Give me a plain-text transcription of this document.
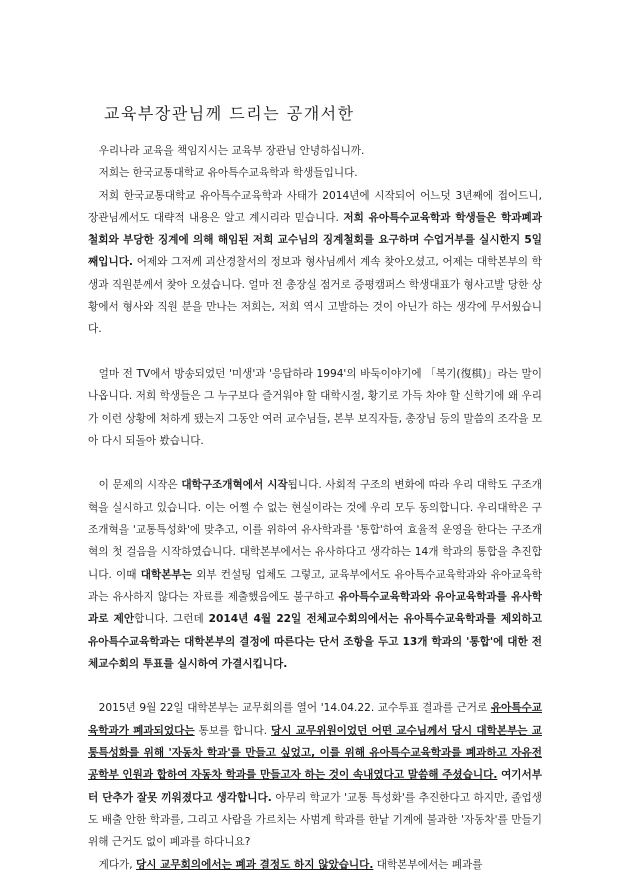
교육부장관님께 드리는 공개서한

우리나라 교육을 책임지시는 교육부 장관님 안녕하십니까.

저희는 한국교통대학교 유아특수교육학과 학생들입니다.

저희 한국교통대학교 유아특수교육학과 사태가 2014년에 시작되어 어느덧 3년째에 접어드니, 장관님께서도 대략적 내용은 알고 계시리라 믿습니다. 저희 유아특수교육학과 학생들은 학과폐과 철회와 부당한 징계에 의해 해임된 저희 교수님의 징계철회를 요구하며 수업거부를 실시한지 5일째입니다. 어제와 그저께 괴산경찰서의 정보과 형사님께서 계속 찾아오셨고, 어제는 대학본부의 학생과 직원분께서 찾아 오셨습니다. 얼마 전 총장실 점거로 증평캠퍼스 학생대표가 형사고발 당한 상황에서 형사와 직원 분을 만나는 저희는, 저희 역시 고발하는 것이 아닌가 하는 생각에 무서웠습니다.

얼마 전 TV에서 방송되었던 '미생'과 '응답하라 1994'의 바둑이야기에 「복기(復棋)」라는 말이 나옵니다. 저희 학생들은 그 누구보다 즐거워야 할 대학시절, 황기로 가득 차야 할 신학기에 왜 우리가 이런 상황에 처하게 됐는지 그동안 여러 교수님들, 본부 보직자들, 총장님 등의 말씀의 조각을 모아 다시 되돌아 봤습니다.

이 문제의 시작은 대학구조개혁에서 시작됩니다. 사회적 구조의 변화에 따라 우리 대학도 구조개혁을 실시하고 있습니다. 이는 어쩔 수 없는 현실이라는 것에 우리 모두 동의합니다. 우리대학은 구조개혁을 '교통특성화'에 맞추고, 이를 위하여 유사학과를 '통합'하여 효율적 운영을 한다는 구조개혁의 첫 걸음을 시작하였습니다. 대학본부에서는 유사하다고 생각하는 14개 학과의 통합을 추진합니다. 이때 대학본부는 외부 컨설팅 업체도 그렇고, 교육부에서도 유아특수교육학과와 유아교육학과는 유사하지 않다는 자료를 제출했음에도 불구하고 유아특수교육학과와 유아교육학과를 유사학과로 제안합니다. 그런데 2014년 4월 22일 전체교수회의에서는 유아특수교육학과를 제외하고 유아특수교육학과는 대학본부의 결정에 따른다는 단서 조항을 두고 13개 학과의 '통합'에 대한 전체교수회의 투표를 실시하여 가결시킵니다.

2015년 9월 22일 대학본부는 교무회의를 열어 '14.04.22. 교수투표 결과를 근거로 유아특수교육학과가 폐과되었다는 통보를 합니다. 당시 교무위원이었던 어떤 교수님께서 당시 대학본부는 교통특성화를 위해 '자동차 학과'를 만들고 싶었고, 이를 위해 유아특수교육학과를 폐과하고 자유전공학부 인원과 합하여 자동차 학과를 만들고자 하는 것이 속내였다고 말씀해 주셨습니다. 여기서부터 단추가 잘못 끼워졌다고 생각합니다. 아무리 학교가 '교통 특성화'를 추진한다고 하지만, 졸업생도 배출 안한 학과를, 그리고 사람을 가르치는 사범계 학과를 한낱 기계에 불과한 '자동차'를 만들기 위해 근거도 없이 폐과를 하다니요?

게다가, 당시 교무회의에서는 폐과 결정도 하지 않았습니다. 대학본부에서는 폐과를
